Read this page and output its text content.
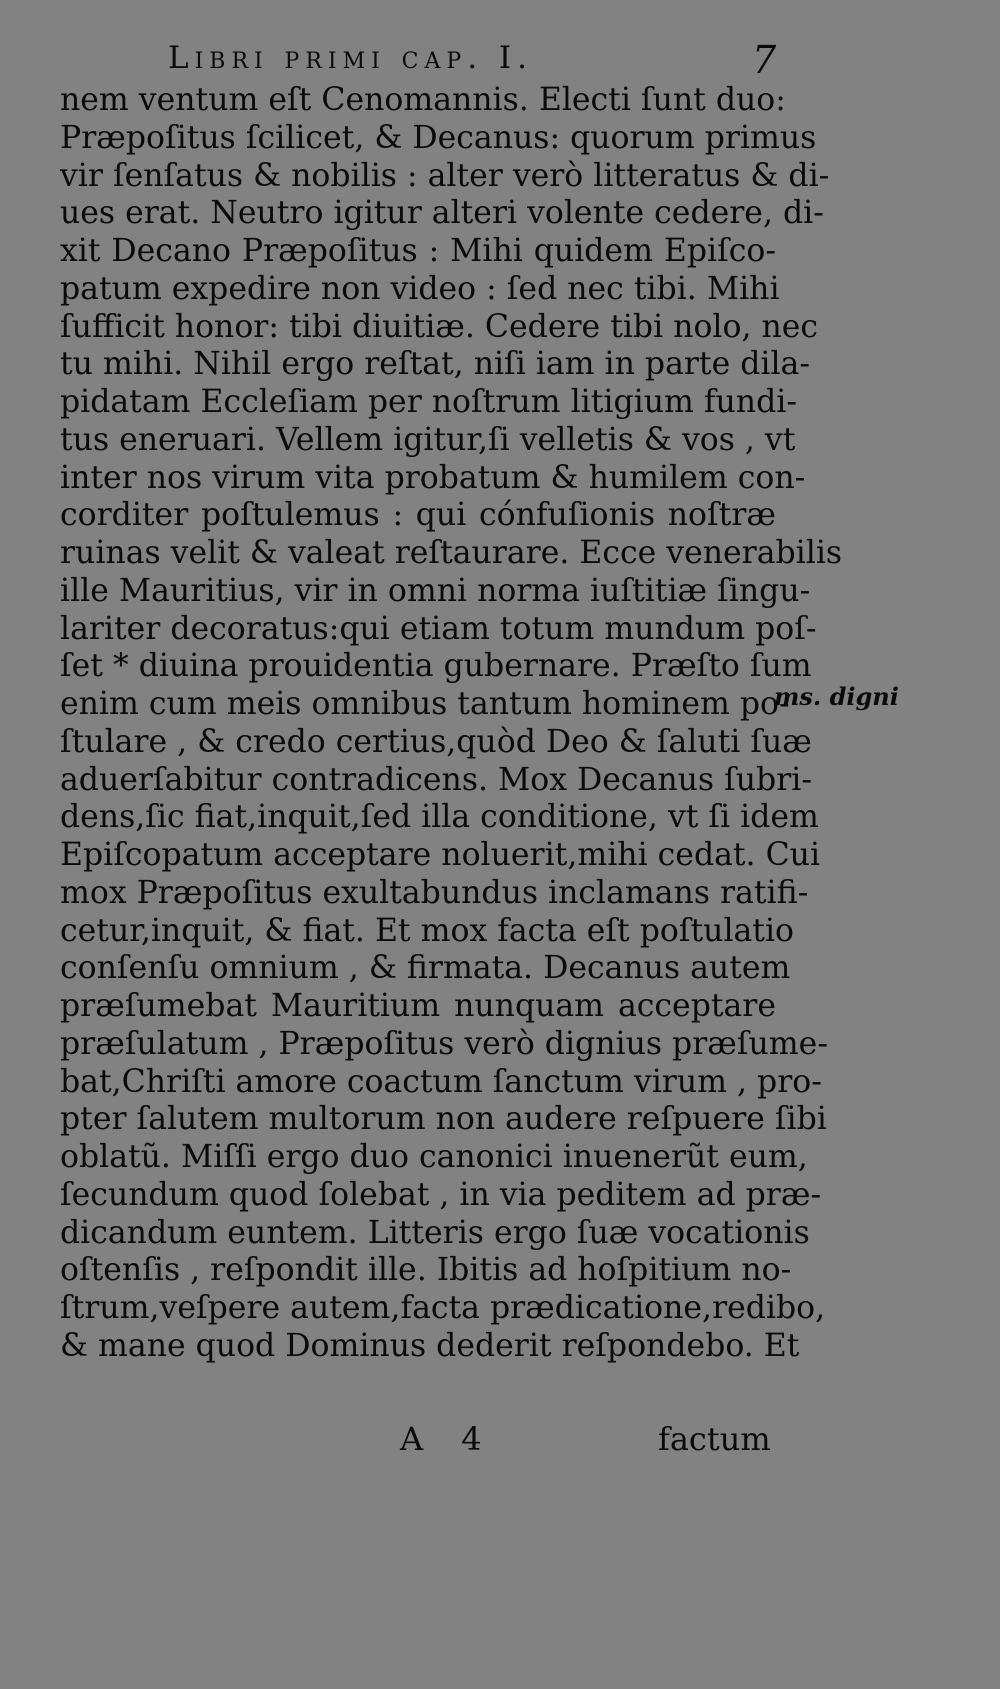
Libri primi cap. I.	7
nem ventum eſt Cenomannis. Electi ſunt duo:
Præpoſitus ſcilicet, & Decanus: quorum primus
vir ſenſatus & nobilis : alter verò litteratus & di-
ues erat. Neutro igitur alteri volente cedere, di-
xit Decano Præpoſitus : Mihi quidem Epiſco-
patum expedire non video : ſed nec tibi. Mihi
ſufficit honor: tibi diuitiæ. Cedere tibi nolo, nec
tu mihi. Nihil ergo reſtat, niſi iam in parte dila-
pidatam Eccleſiam per noſtrum litigium fundi-
tus eneruari. Vellem igitur,ſi velletis & vos , vt
inter nos virum vita probatum & humilem con-
corditer poſtulemus : qui cónfuſionis noſtræ
ruinas velit & valeat reſtaurare. Ecce venerabilis
ille Mauritius, vir in omni norma iuſtitiæ ſingu-
lariter decoratus:qui etiam totum mundum poſ-
ſet * diuina prouidentia gubernare. Præſto ſum
enim cum meis omnibus tantum hominem po-
ſtulare , & credo certius,quòd Deo & ſaluti ſuæ
aduerſabitur contradicens. Mox Decanus ſubri-
dens,ſic fiat,inquit,ſed illa conditione, vt ſi idem
Epiſcopatum acceptare noluerit,mihi cedat. Cui
mox Præpoſitus exultabundus inclamans ratifi-
cetur,inquit, & fiat. Et mox facta eſt poſtulatio
conſenſu omnium , & firmata. Decanus autem
præſumebat Mauritium nunquam acceptare
præſulatum , Præpoſitus verò dignius præſume-
bat,Chriſti amore coactum ſanctum virum , pro-
pter ſalutem multorum non audere reſpuere ſibi
oblatũ. Miſſi ergo duo canonici inuenerũt eum,
ſecundum quod ſolebat , in via peditem ad præ-
dicandum euntem. Litteris ergo ſuæ vocationis
oſtenſis , reſpondit ille. Ibitis ad hoſpitium no-
ſtrum,veſpere autem,facta prædicatione,redibo,
& mane quod Dominus dederit reſpondebo. Et
ms. digni
A 4	factum
